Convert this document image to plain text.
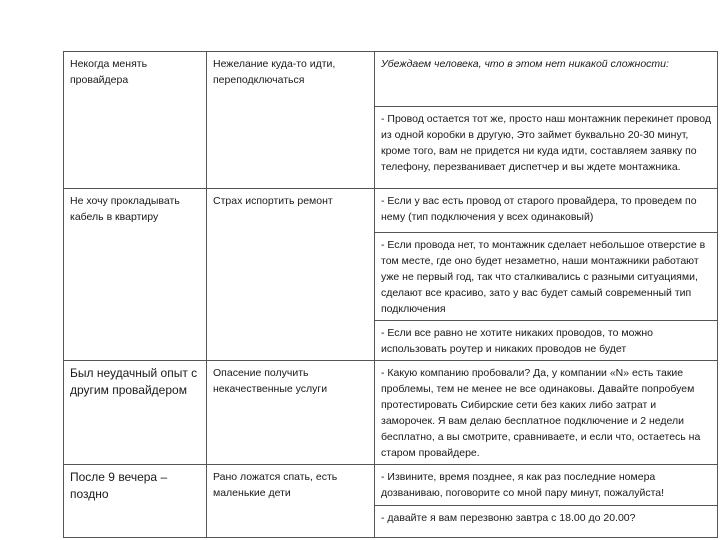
Некогда менять провайдера	Нежелание куда-то идти, переподключаться	Убеждаем человека, что в этом нет никакой сложности:
		- Провод остается тот же, просто наш монтажник перекинет провод из одной коробки в другую, Это займет буквально 20-30 минут, кроме того, вам не придется ни куда идти, составляем заявку по телефону, перезванивает диспетчер и вы ждете монтажника.
Не хочу прокладывать кабель в квартиру	Страх испортить ремонт	- Если у вас есть провод от старого провайдера, то проведем по нему (тип подключения у всех одинаковый)
		- Если провода нет, то монтажник сделает небольшое отверстие в том месте, где оно будет незаметно, наши монтажники работают уже не первый год, так что сталкивались с разными ситуациями, сделают все красиво, зато у вас будет самый современный тип подключения
		- Если все равно не хотите никаких проводов, то можно использовать роутер и никаких проводов не будет
Был неудачный опыт с другим провайдером	Опасение получить некачественные услуги	- Какую компанию пробовали? Да, у компании «N» есть такие проблемы, тем не менее не все одинаковы. Давайте попробуем протестировать Сибирские сети без каких либо затрат и заморочек. Я вам делаю бесплатное подключение и 2 недели бесплатно, а вы смотрите, сравниваете, и если что, остаетесь на старом провайдере.
После 9 вечера – поздно	Рано ложатся спать, есть маленькие дети	- Извините, время позднее, я как раз последние номера дозваниваю, поговорите со мной пару минут, пожалуйста!
		- давайте я вам перезвоню завтра с 18.00 до 20.00?
